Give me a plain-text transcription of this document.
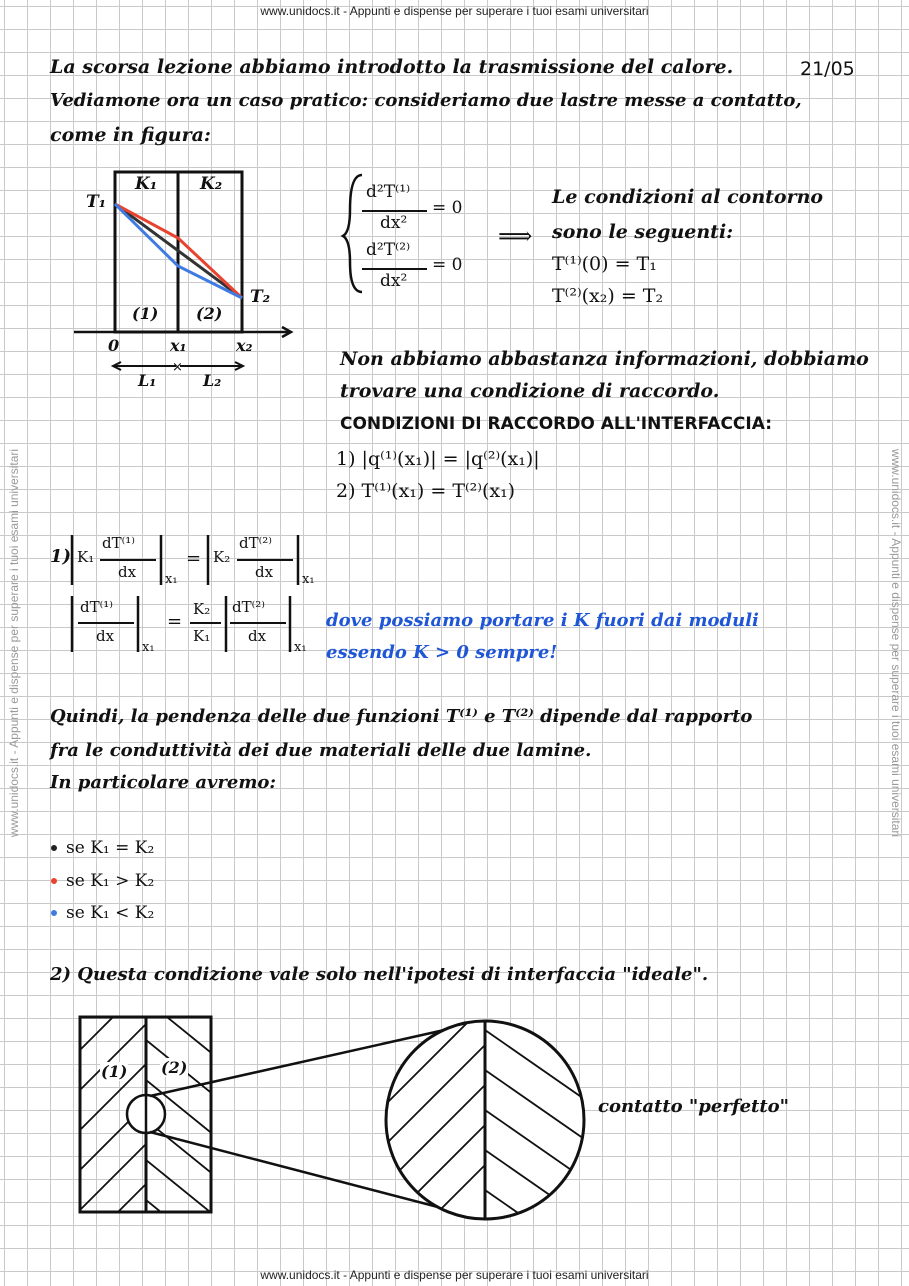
www.unidocs.it - Appunti e dispense per superare i tuoi esami universitari
www.unidocs.it - Appunti e dispense per superare i tuoi esami universitari
www.unidocs.it - Appunti e dispense per superare i tuoi esami universitari	www.unidocs.it - Appunti e dispense per superare i tuoi esami universitari
La scorsa lezione abbiamo introdotto la trasmissione del calore.	21/05
Vediamone ora un caso pratico: consideriamo due lastre messe a contatto,
come in figura:
×
K₁	K₂
T₁
T₂
(1) (2)
0	x₁	x₂
L₁	L₂
d²T⁽¹⁾
dx²
= 0
d²T⁽²⁾
dx²
= 0
⟹
Le condizioni al contorno
sono le seguenti:
T⁽¹⁾(0) = T₁
T⁽²⁾(x₂) = T₂
Non abbiamo abbastanza informazioni, dobbiamo
trovare una condizione di raccordo.
CONDIZIONI DI RACCORDO ALL'INTERFACCIA:
1) |q⁽¹⁾(x₁)| = |q⁽²⁾(x₁)|
2) T⁽¹⁾(x₁) = T⁽²⁾(x₁)
1) K₁
dT⁽¹⁾
dx x₁
= K₂
dT⁽²⁾
dx x₁
dT⁽¹⁾
dx
x₁
=
K₂
K₁
dT⁽²⁾
dx
x₁
dove possiamo portare i K fuori dai moduli
essendo K > 0 sempre!
Quindi, la pendenza delle due funzioni T⁽¹⁾ e T⁽²⁾ dipende dal rapporto
fra le conduttività dei due materiali delle due lamine.
In particolare avremo:
se K₁ = K₂
se K₁ > K₂
se K₁ < K₂
2) Questa condizione vale solo nell'ipotesi di interfaccia "ideale".
(1) (2)
contatto "perfetto"
